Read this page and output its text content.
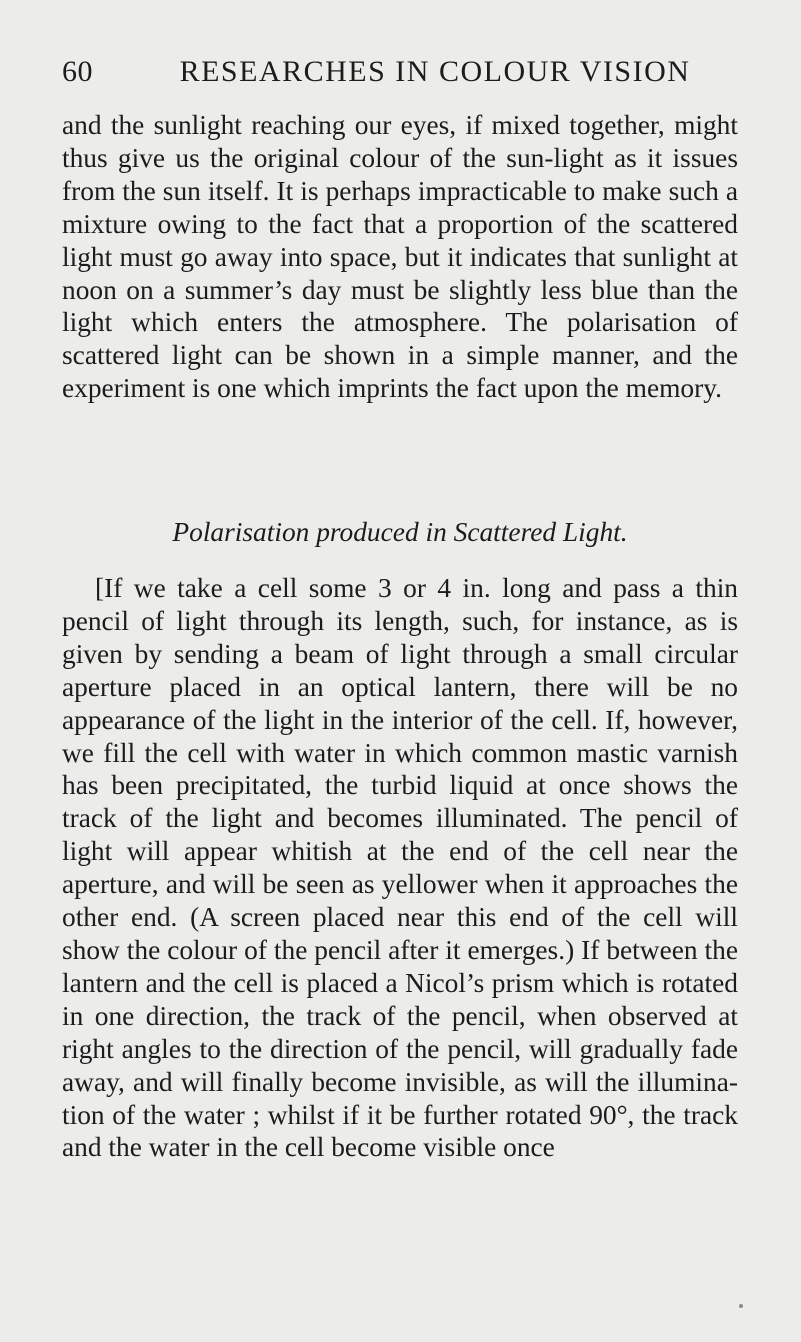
60	RESEARCHES IN COLOUR VISION

and the sunlight reaching our eyes, if mixed together, might thus give us the original colour of the sun-light as it issues from the sun itself. It is perhaps impracticable to make such a mixture owing to the fact that a proportion of the scattered light must go away into space, but it indicates that sunlight at noon on a summer’s day must be slightly less blue than the light which enters the atmosphere. The polarisation of scattered light can be shown in a simple manner, and the experiment is one which imprints the fact upon the memory.

Polarisation produced in Scattered Light.

[If we take a cell some 3 or 4 in. long and pass a thin pencil of light through its length, such, for instance, as is given by sending a beam of light through a small circular aperture placed in an optical lantern, there will be no appearance of the light in the interior of the cell. If, however, we fill the cell with water in which common mastic varnish has been precipitated, the turbid liquid at once shows the track of the light and becomes illuminated. The pencil of light will appear whitish at the end of the cell near the aperture, and will be seen as yellower when it approaches the other end. (A screen placed near this end of the cell will show the colour of the pencil after it emerges.) If between the lantern and the cell is placed a Nicol’s prism which is rotated in one direction, the track of the pencil, when observed at right angles to the direction of the pencil, will gradually fade away, and will finally become invisible, as will the illumina-tion of the water ; whilst if it be further rotated 90°, the track and the water in the cell become visible once
